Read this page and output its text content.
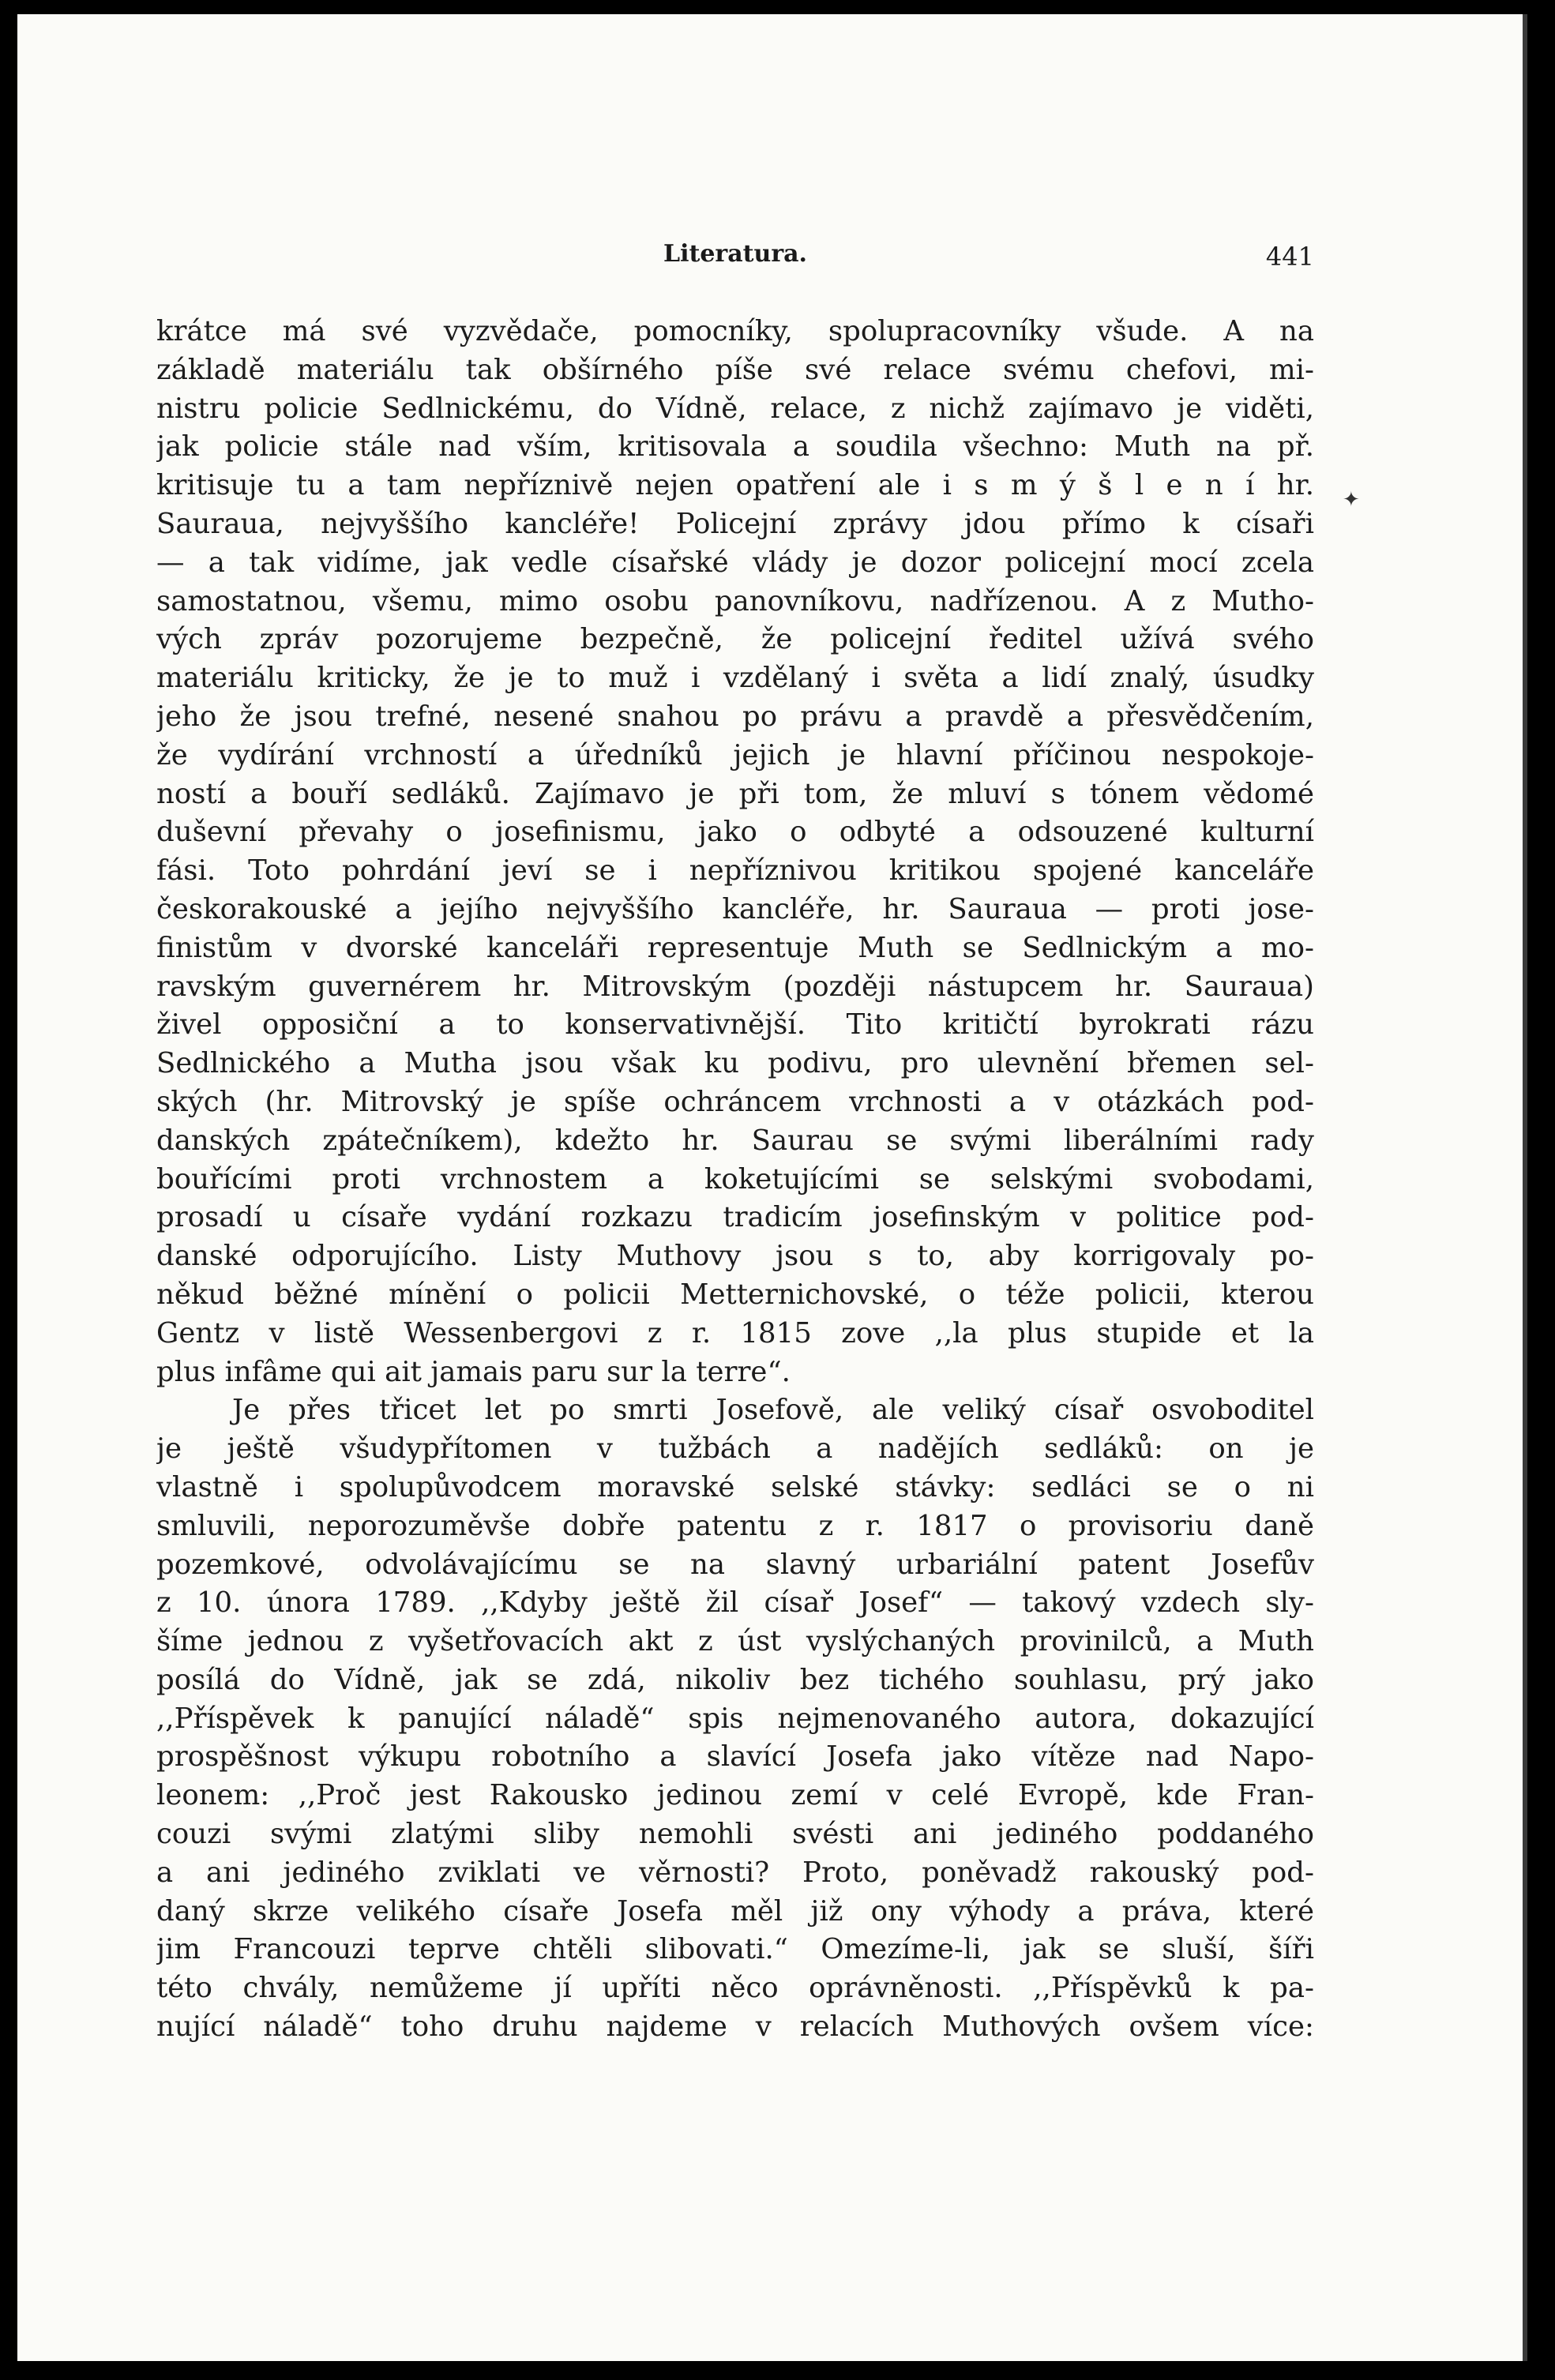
Literatura.	441
✦
krátce má své vyzvědače, pomocníky, spolupracovníky všude. A na
základě materiálu tak obšírného píše své relace svému chefovi, mi-
nistru policie Sedlnickému, do Vídně, relace, z nichž zajímavo je viděti,
jak policie stále nad vším, kritisovala a soudila všechno: Muth na př.
kritisuje tu a tam nepříznivě nejen opatření ale i s m ý š l e n í hr.
Sauraua, nejvyššího kancléře! Policejní zprávy jdou přímo k císaři
— a tak vidíme, jak vedle císařské vlády je dozor policejní mocí zcela
samostatnou, všemu, mimo osobu panovníkovu, nadřízenou. A z Mutho-
vých zpráv pozorujeme bezpečně, že policejní ředitel užívá svého
materiálu kriticky, že je to muž i vzdělaný i světa a lidí znalý, úsudky
jeho že jsou trefné, nesené snahou po právu a pravdě a přesvědčením,
že vydírání vrchností a úředníků jejich je hlavní příčinou nespokoje-
ností a bouří sedláků. Zajímavo je při tom, že mluví s tónem vědomé
duševní převahy o josefinismu, jako o odbyté a odsouzené kulturní
fási. Toto pohrdání jeví se i nepříznivou kritikou spojené kanceláře
českorakouské a jejího nejvyššího kancléře, hr. Sauraua — proti jose-
finistům v dvorské kanceláři representuje Muth se Sedlnickým a mo-
ravským guvernérem hr. Mitrovským (později nástupcem hr. Sauraua)
živel opposiční a to konservativnější. Tito kritičtí byrokrati rázu
Sedlnického a Mutha jsou však ku podivu, pro ulevnění břemen sel-
ských (hr. Mitrovský je spíše ochráncem vrchnosti a v otázkách pod-
danských zpátečníkem), kdežto hr. Saurau se svými liberálními rady
bouřícími proti vrchnostem a koketujícími se selskými svobodami,
prosadí u císaře vydání rozkazu tradicím josefinským v politice pod-
danské odporujícího. Listy Muthovy jsou s to, aby korrigovaly po-
někud běžné mínění o policii Metternichovské, o téže policii, kterou
Gentz v listě Wessenbergovi z r. 1815 zove ,,la plus stupide et la
plus infâme qui ait jamais paru sur la terre“.
Je přes třicet let po smrti Josefově, ale veliký císař osvoboditel
je ještě všudypřítomen v tužbách a nadějích sedláků: on je
vlastně i spolupůvodcem moravské selské stávky: sedláci se o ni
smluvili, neporozuměvše dobře patentu z r. 1817 o provisoriu daně
pozemkové, odvolávajícímu se na slavný urbariální patent Josefův
z 10. února 1789. ,,Kdyby ještě žil císař Josef“ — takový vzdech sly-
šíme jednou z vyšetřovacích akt z úst vyslýchaných provinilců, a Muth
posílá do Vídně, jak se zdá, nikoliv bez tichého souhlasu, prý jako
,,Příspěvek k panující náladě“ spis nejmenovaného autora, dokazující
prospěšnost výkupu robotního a slavící Josefa jako vítěze nad Napo-
leonem: ,,Proč jest Rakousko jedinou zemí v celé Evropě, kde Fran-
couzi svými zlatými sliby nemohli svésti ani jediného poddaného
a ani jediného zviklati ve věrnosti? Proto, poněvadž rakouský pod-
daný skrze velikého císaře Josefa měl již ony výhody a práva, které
jim Francouzi teprve chtěli slibovati.“ Omezíme-li, jak se sluší, šíři
této chvály, nemůžeme jí upříti něco oprávněnosti. ,,Příspěvků k pa-
nující náladě“ toho druhu najdeme v relacích Muthových ovšem více:
